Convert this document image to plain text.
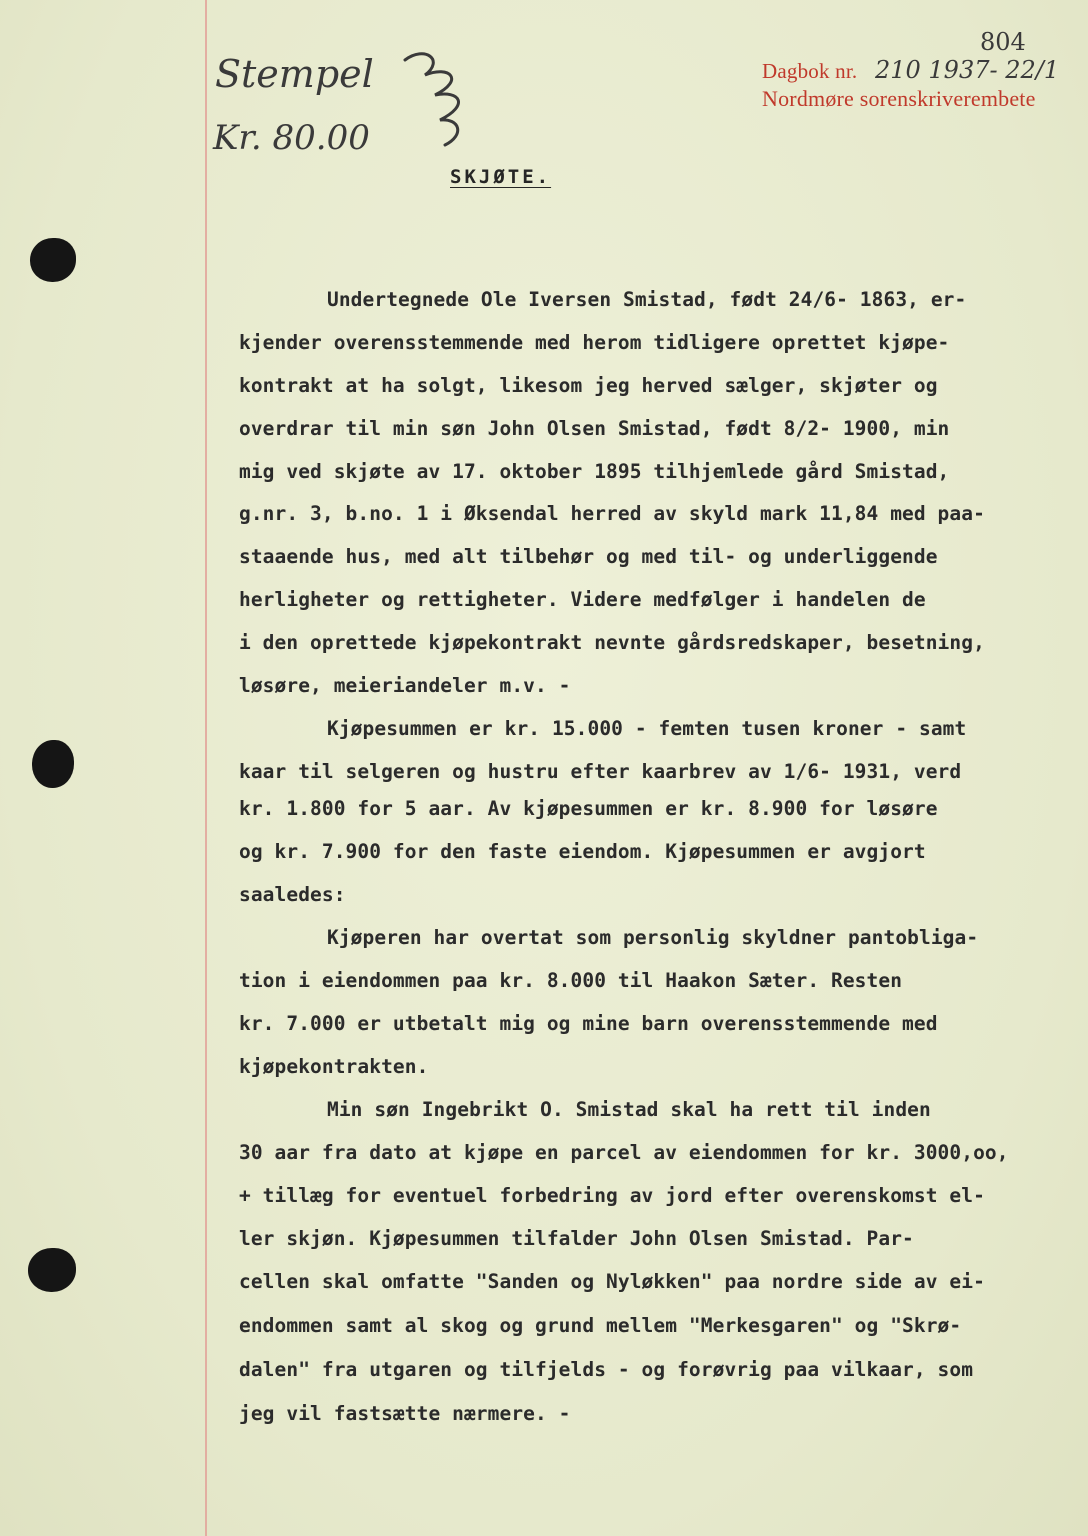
Stempel
Kr. 80.00
804
Dagbok nr. 210 1937- 22/1
Nordmøre sorenskriverembete
SKJØTE.
Undertegnede Ole Iversen Smistad, født 24/6- 1863, er-
kjender overensstemmende med herom tidligere oprettet kjøpe-
kontrakt at ha solgt, likesom jeg herved sælger, skjøter og
overdrar til min søn John Olsen Smistad, født 8/2- 1900, min
mig ved skjøte av 17. oktober 1895 tilhjemlede gård Smistad,
g.nr. 3, b.no. 1 i Øksendal herred av skyld mark 11,84 med paa-
staaende hus, med alt tilbehør og med til- og underliggende
herligheter og rettigheter. Videre medfølger i handelen de
i den oprettede kjøpekontrakt nevnte gårdsredskaper, besetning,
løsøre, meieriandeler m.v. -
Kjøpesummen er kr. 15.000 - femten tusen kroner - samt
kaar til selgeren og hustru efter kaarbrev av 1/6- 1931, verd
kr. 1.800 for 5 aar. Av kjøpesummen er kr. 8.900 for løsøre
og kr. 7.900 for den faste eiendom. Kjøpesummen er avgjort
saaledes:
Kjøperen har overtat som personlig skyldner pantobliga-
tion i eiendommen paa kr. 8.000 til Haakon Sæter. Resten
kr. 7.000 er utbetalt mig og mine barn overensstemmende med
kjøpekontrakten.
Min søn Ingebrikt O. Smistad skal ha rett til inden
30 aar fra dato at kjøpe en parcel av eiendommen for kr. 3000,oo,
+ tillæg for eventuel forbedring av jord efter overenskomst el-
ler skjøn. Kjøpesummen tilfalder John Olsen Smistad. Par-
cellen skal omfatte "Sanden og Nyløkken" paa nordre side av ei-
endommen samt al skog og grund mellem "Merkesgaren" og "Skrø-
dalen" fra utgaren og tilfjelds - og forøvrig paa vilkaar, som
jeg vil fastsætte nærmere. -
